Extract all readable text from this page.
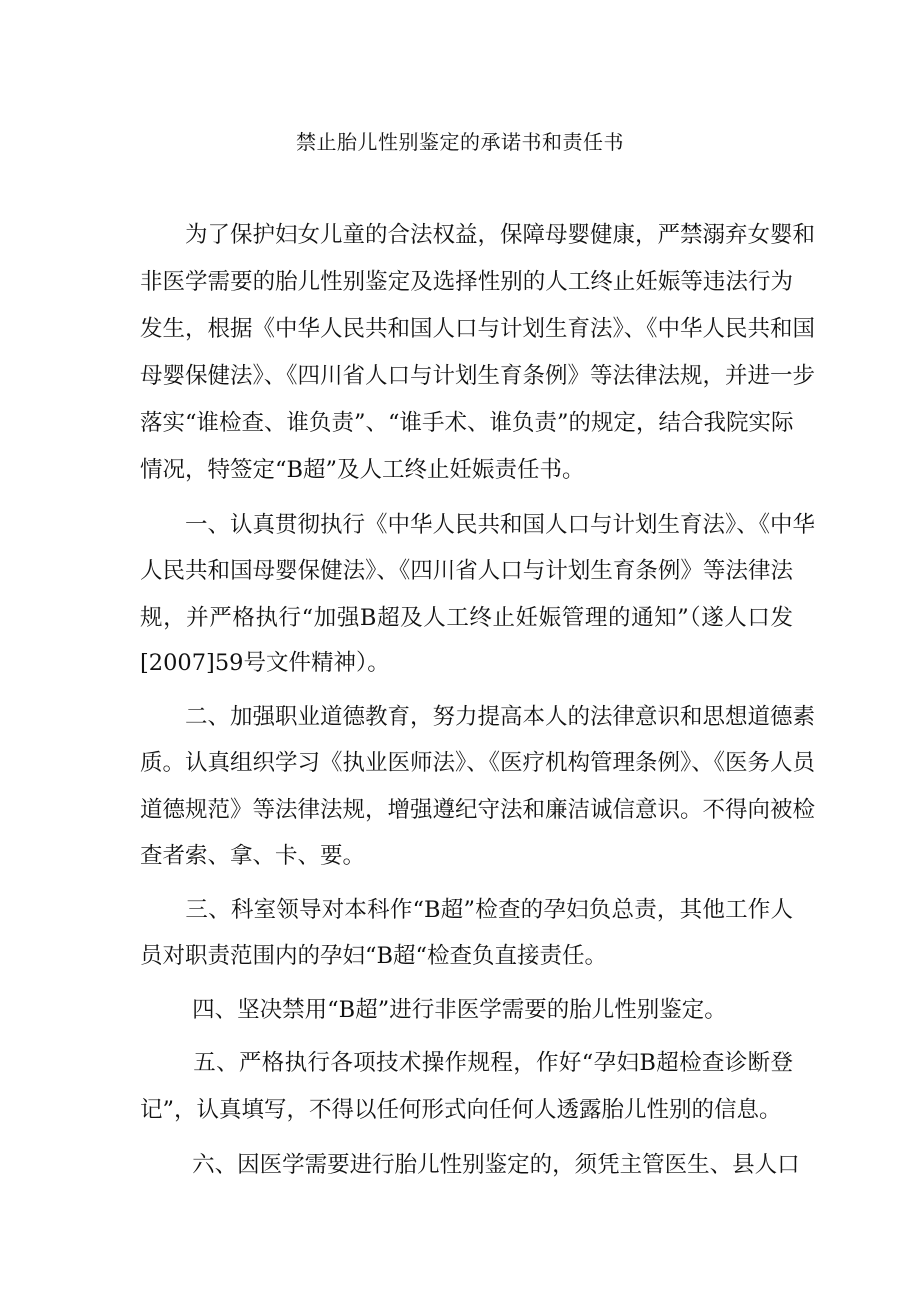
禁止胎儿性别鉴定的承诺书和责任书
　　为了保护妇女儿童的合法权益，保障母婴健康，严禁溺弃女婴和
非医学需要的胎儿性别鉴定及选择性别的人工终止妊娠等违法行为
发生，根据《中华人民共和国人口与计划生育法》、《中华人民共和国
母婴保健法》、《四川省人口与计划生育条例》等法律法规，并进一步
落实“谁检查、谁负责”、“谁手术、谁负责”的规定，结合我院实际
情况，特签定“B超”及人工终止妊娠责任书。
　　一、认真贯彻执行《中华人民共和国人口与计划生育法》、《中华
人民共和国母婴保健法》、《四川省人口与计划生育条例》等法律法
规，并严格执行“加强B超及人工终止妊娠管理的通知”（遂人口发
[2007]59号文件精神）。
　　二、加强职业道德教育，努力提高本人的法律意识和思想道德素
质。认真组织学习《执业医师法》、《医疗机构管理条例》、《医务人员
道德规范》等法律法规，增强遵纪守法和廉洁诚信意识。不得向被检
查者索、拿、卡、要。
　　三、科室领导对本科作“B超”检查的孕妇负总责，其他工作人
员对职责范围内的孕妇“B超“检查负直接责任。
　　 四、坚决禁用“B超”进行非医学需要的胎儿性别鉴定。
　　 五、严格执行各项技术操作规程，作好“孕妇B超检查诊断登
记”，认真填写，不得以任何形式向任何人透露胎儿性别的信息。
　　 六、因医学需要进行胎儿性别鉴定的，须凭主管医生、县人口
